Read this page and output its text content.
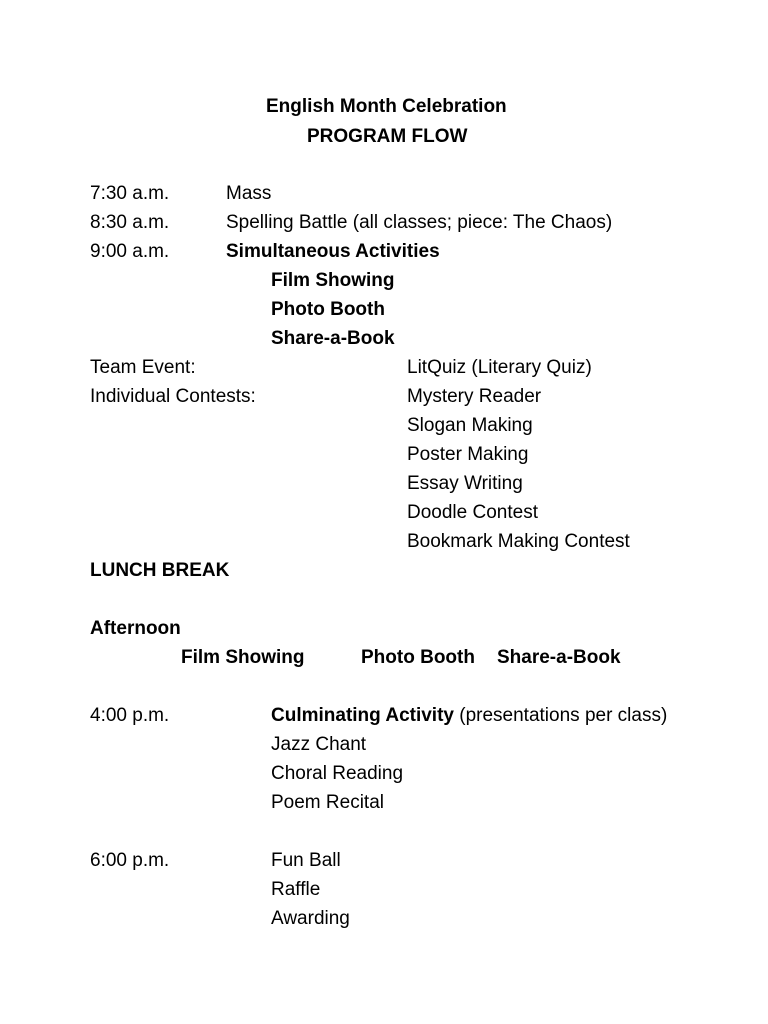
English Month Celebration
PROGRAM FLOW
7:30 a.m.	Mass
8:30 a.m.	Spelling Battle (all classes; piece: The Chaos)
9:00 a.m.	Simultaneous Activities
Film Showing
Photo Booth
Share-a-Book
Team Event:	LitQuiz (Literary Quiz)
Individual Contests:	Mystery Reader
Slogan Making
Poster Making
Essay Writing
Doodle Contest
Bookmark Making Contest
LUNCH BREAK
Afternoon
Film Showing	Photo Booth Share-a-Book
4:00 p.m.	Culminating Activity (presentations per class)
Jazz Chant
Choral Reading
Poem Recital
6:00 p.m.	Fun Ball
Raffle
Awarding
